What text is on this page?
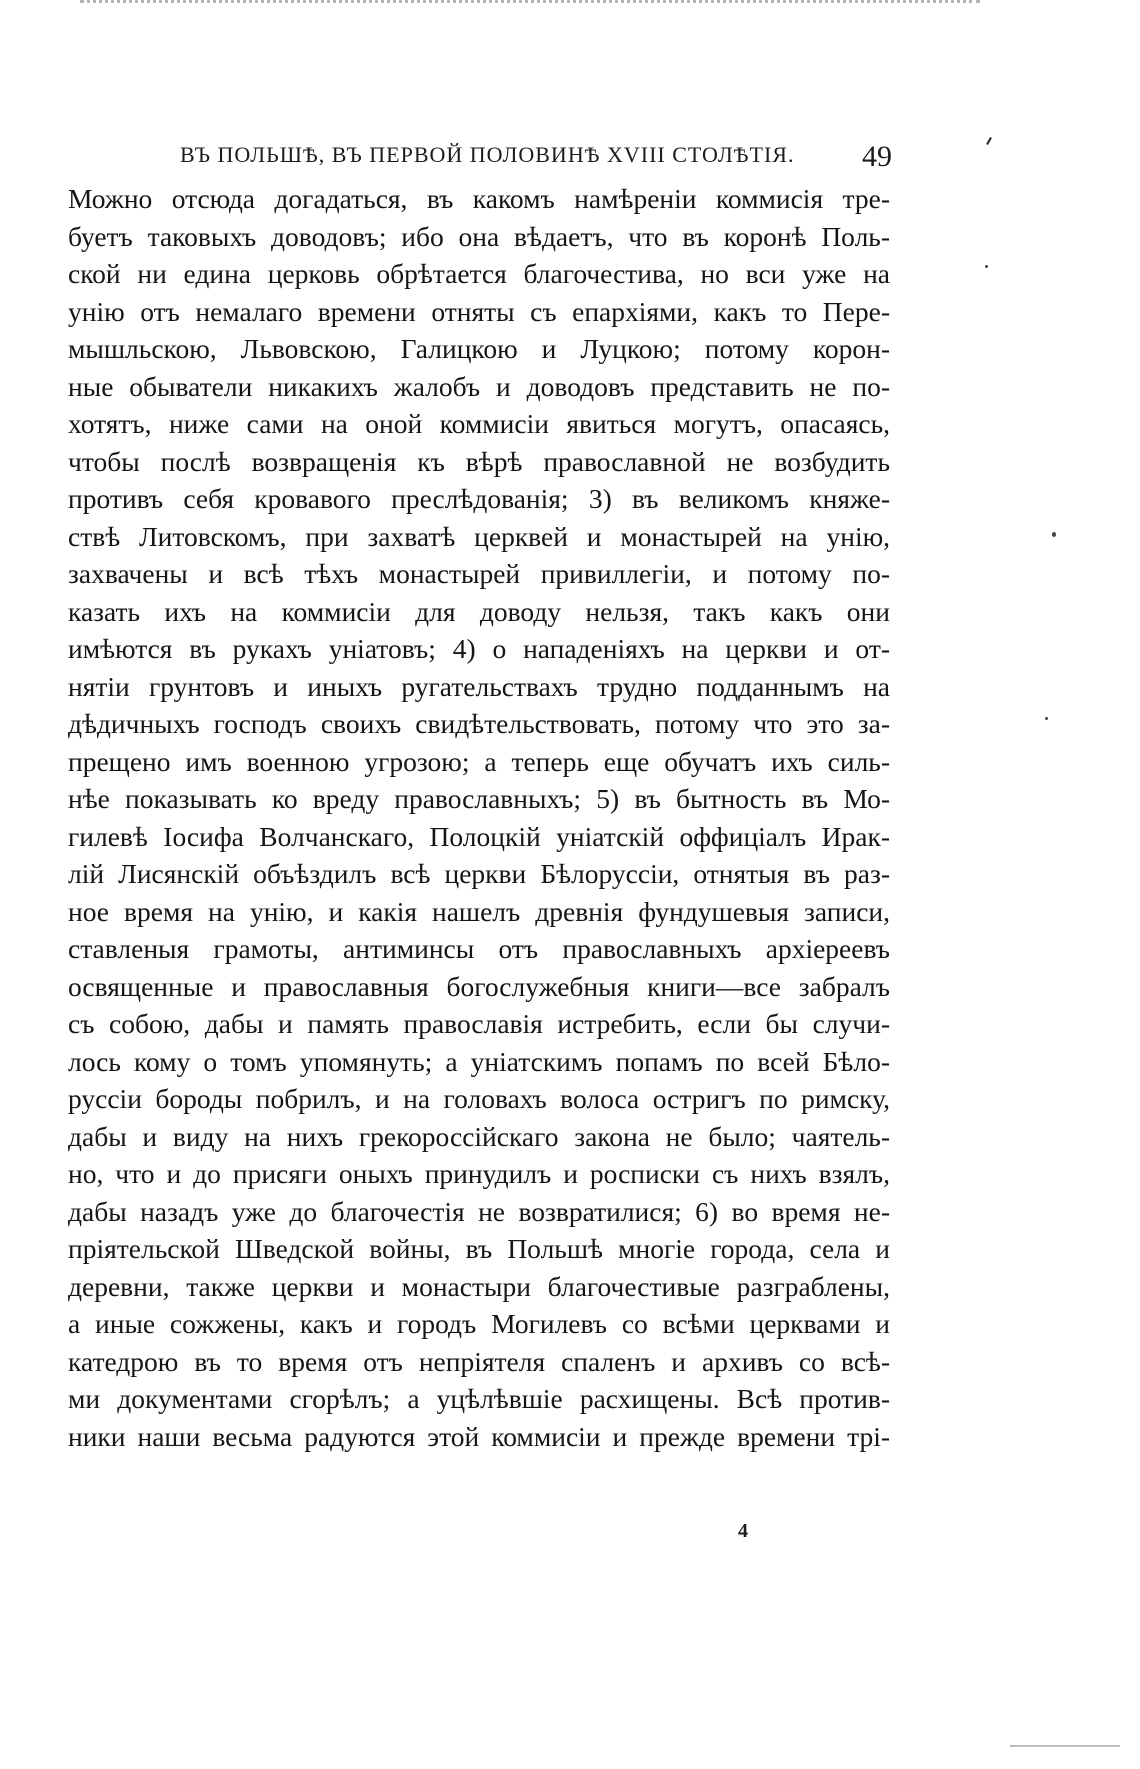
ВЪ ПОЛЬШѢ, ВЪ ПЕРВОЙ ПОЛОВИНѢ XVIII СТОЛѢТІЯ. 49
Можно отсюда догадаться, въ какомъ намѣреніи коммисія тре-
буетъ таковыхъ доводовъ; ибо она вѣдаетъ, что въ коронѣ Поль-
ской ни едина церковь обрѣтается благочестива, но вси уже на
унію отъ немалаго времени отняты съ епархіями, какъ то Пере-
мышльскою, Львовскою, Галицкою и Луцкою; потому корон-
ные обыватели никакихъ жалобъ и доводовъ представить не по-
хотятъ, ниже сами на оной коммисіи явиться могутъ, опасаясь,
чтобы послѣ возвращенія къ вѣрѣ православной не возбудить
противъ себя кровавого преслѣдованія; 3) въ великомъ княже-
ствѣ Литовскомъ, при захватѣ церквей и монастырей на унію,
захвачены и всѣ тѣхъ монастырей привиллегіи, и потому по-
казать ихъ на коммисіи для доводу нельзя, такъ какъ они
имѣются въ рукахъ уніатовъ; 4) о нападеніяхъ на церкви и от-
нятіи грунтовъ и иныхъ ругательствахъ трудно подданнымъ на
дѣдичныхъ господъ своихъ свидѣтельствовать, потому что это за-
прещено имъ военною угрозою; а теперь еще обучатъ ихъ силь-
нѣе показывать ко вреду православныхъ; 5) въ бытность въ Мо-
гилевѣ Іосифа Волчанскаго, Полоцкій уніатскій оффиціалъ Ирак-
лій Лисянскій объѣздилъ всѣ церкви Бѣлоруссіи, отнятыя въ раз-
ное время на унію, и какія нашелъ древнія фундушевыя записи,
ставленыя грамоты, антиминсы отъ православныхъ архіереевъ
освященные и православныя богослужебныя книги—все забралъ
съ собою, дабы и память православія истребить, если бы случи-
лось кому о томъ упомянуть; а уніатскимъ попамъ по всей Бѣло-
руссіи бороды побрилъ, и на головахъ волоса остригъ по римску,
дабы и виду на нихъ грекороссійскаго закона не было; чаятель-
но, что и до присяги оныхъ принудилъ и росписки съ нихъ взялъ,
дабы назадъ уже до благочестія не возвратилися; 6) во время не-
пріятельской Шведской войны, въ Польшѣ многіе города, села и
деревни, также церкви и монастыри благочестивые разграблены,
а иные сожжены, какъ и городъ Могилевъ со всѣми церквами и
катедрою въ то время отъ непріятеля спаленъ и архивъ со всѣ-
ми документами сгорѣлъ; а уцѣлѣвшіе расхищены. Всѣ против-
ники наши весьма радуются этой коммисіи и прежде времени трі-
4
